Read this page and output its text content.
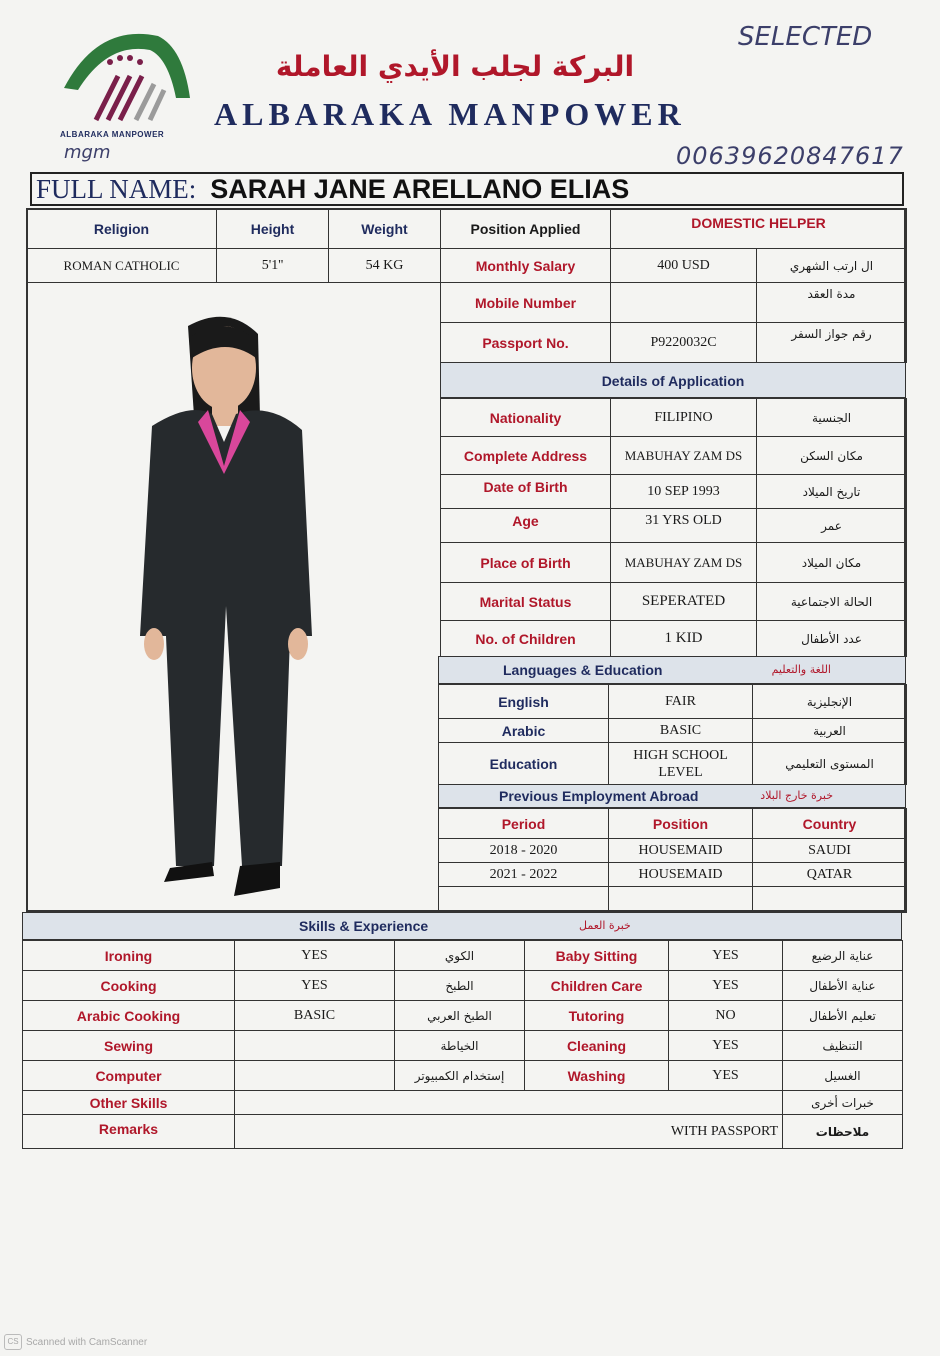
ALBARAKA MANPOWER
البركة لجلب الأيدي العاملة
ALBARAKA MANPOWER
SELECTED
00639620847617
mgm
FULL NAME: SARAH JANE ARELLANO ELIAS
Religion	Height	Weight
ROMAN CATHOLIC	5'1''	54 KG
Position Applied	DOMESTIC HELPER
Monthly Salary	400 USD	ال ارتب الشهري
Mobile Number		مدة العقد
Passport No.	P9220032C	رقم جواز السفر
Details of Application
Nationality	FILIPINO	الجنسية
Complete Address	MABUHAY ZAM DS	مكان السكن
Date of Birth	10 SEP 1993	تاريخ الميلاد
Age	31 YRS OLD	عمر
Place of Birth	MABUHAY ZAM DS	مكان الميلاد
Marital Status	SEPERATED	الحالة الاجتماعية
No. of Children	1 KID	عدد الأطفال
Languages & Education	اللغة والتعليم
English	FAIR	الإنجليزية
Arabic	BASIC	العربية
Education	HIGH SCHOOL LEVEL	المستوى التعليمي
Previous Employment Abroad	خبرة خارج البلاد
Period	Position	Country
2018 - 2020	HOUSEMAID	SAUDI
2021 - 2022	HOUSEMAID	QATAR

Skills & Experience	خبرة العمل
Ironing	YES	الكوي	Baby Sitting	YES	عناية الرضيع
Cooking	YES	الطبخ	Children Care	YES	عناية الأطفال
Arabic Cooking	BASIC	الطبخ العربي	Tutoring	NO	تعليم الأطفال
Sewing		الخياطة	Cleaning	YES	التنظيف
Computer		إستخدام الكمبيوتر	Washing	YES	الغسيل
Other Skills					خبرات أخرى
Remarks	WITH PASSPORT				ملاحظات
CS Scanned with CamScanner
